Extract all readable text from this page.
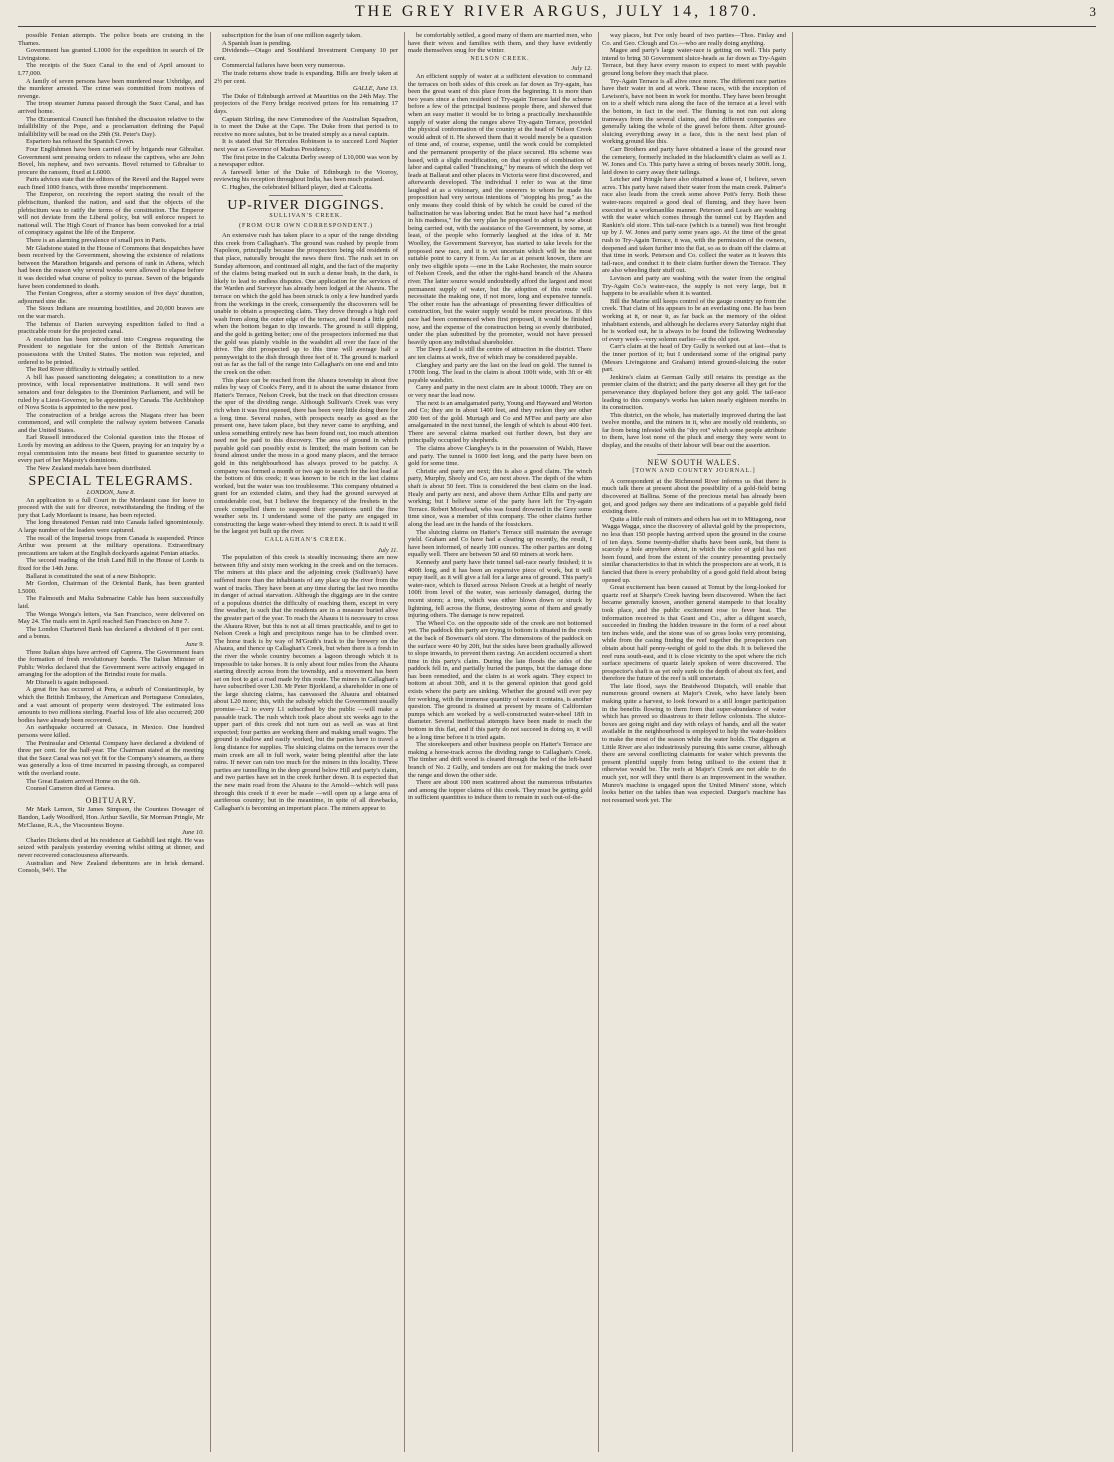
THE GREY RIVER ARGUS, JULY 14, 1870.	3

possible Fenian attempts. The police boats are cruising in the Thames.

Government has granted L1000 for the expedition in search of Dr Livingstone.

The receipts of the Suez Canal to the end of April amount to L77,000.

A family of seven persons have been murdered near Uxbridge, and the murderer arrested. The crime was committed from motives of revenge.

The troop steamer Jumna passed through the Suez Canal, and has arrived home.

The Œcumenical Council has finished the discussion relative to the infallibility of the Pope, and a proclamation defining the Papal infallibility will be read on the 29th (St. Peter's Day).

Espartero has refused the Spanish Crown.

Four Englishmen have been carried off by brigands near Gibraltar. Government sent pressing orders to release the captives, who are John Bovel, his nephew, and two servants. Bovel returned to Gibraltar to procure the ransom, fixed at L6000.

Paris advices state that the editors of the Reveil and the Rappel were each fined 1000 francs, with three months' imprisonment.

The Emperor, on receiving the report stating the result of the plebiscitum, thanked the nation, and said that the objects of the plebiscitum was to ratify the terms of the constitution. The Emperor will not deviate from the Liberal policy, but will enforce respect to national will. The High Court of France has been convoked for a trial of conspiracy against the life of the Emperor.

There is an alarming prevalence of small pox in Paris.

Mr Gladstone stated in the House of Commons that despatches have been received by the Government, showing the existence of relations between the Marathon brigands and persons of rank in Athens, which had been the reason why several weeks were allowed to elapse before it was decided what course of policy to pursue. Seven of the brigands have been condemned to death.

The Fenian Congress, after a stormy session of five days' duration, adjourned sine die.

The Sioux Indians are resuming hostilities, and 20,000 braves are on the war march.

The Isthmus of Darien surveying expedition failed to find a practicable route for the projected canal.

A resolution has been introduced into Congress requesting the President to negotiate for the union of the British American possessions with the United States. The motion was rejected, and ordered to be printed.

The Red River difficulty is virtually settled.

A bill has passed sanctioning delegates; a constitution to a new province, with local representative institutions. It will send two senators and four delegates to the Dominion Parliament, and will be ruled by a Lieut-Governor, to be appointed by Canada. The Archbishop of Nova Scotia is appointed to the new post.

The construction of a bridge across the Niagara river has been commenced, and will complete the railway system between Canada and the United States.

Earl Russell introduced the Colonial question into the House of Lords by moving an address to the Queen, praying for an inquiry by a royal commission into the means best fitted to guarantee security to every part of her Majesty's dominions.

The New Zealand medals have been distributed.

SPECIAL TELEGRAMS.
LONDON, June 8.

An application to a full Court in the Mordaunt case for leave to proceed with the suit for divorce, notwithstanding the finding of the jury that Lady Mordaunt is insane, has been rejected.

The long threatened Fenian raid into Canada failed ignominiously. A large number of the leaders were captured.

The recall of the Imperial troops from Canada is suspended. Prince Arthur was present at the military operations. Extraordinary precautions are taken at the English dockyards against Fenian attacks.

The second reading of the Irish Land Bill in the House of Lords is fixed for the 14th June.

Ballarat is constituted the seat of a new Bishopric.

Mr Gordon, Chairman of the Oriental Bank, has been granted L5000.

The Falmouth and Malta Submarine Cable has been successfully laid.

The Wonga Wonga's letters, via San Francisco, were delivered on May 24. The mails sent in April reached San Francisco on June 7.

The London Chartered Bank has declared a dividend of 8 per cent. and a bonus.

June 9.

Three Italian ships have arrived off Caprera. The Government fears the formation of fresh revolutionary bands. The Italian Minister of Public Works declared that the Government were actively engaged in arranging for the adoption of the Brindisi route for mails.

Mr Disraeli is again indisposed.

A great fire has occurred at Pera, a suburb of Constantinople, by which the British Embassy, the American and Portuguese Consulates, and a vast amount of property were destroyed. The estimated loss amounts to two millions sterling. Fearful loss of life also occurred; 200 bodies have already been recovered.

An earthquake occurred at Oaxaca, in Mexico. One hundred persons were killed.

The Peninsular and Oriental Company have declared a dividend of three per cent. for the half-year. The Chairman stated at the meeting that the Suez Canal was not yet fit for the Company's steamers, as there was generally a loss of time incurred in passing through, as compared with the overland route.

The Great Eastern arrived Home on the 6th.

Counsel Cameron died at Geneva.

OBITUARY.

Mr Mark Lemon, Sir James Simpson, the Countess Dowager of Bandon, Lady Woodford, Hon. Arthur Saville, Sir Morman Pringle, Mr McClause, R.A., the Viscountess Boyne.

June 10.

Charles Dickens died at his residence at Gadshill last night. He was seized with paralysis yesterday evening whilst sitting at dinner, and never recovered consciousness afterwards.

Australian and New Zealand debentures are in brisk demand. Consols, 94½. The

subscription for the loan of one million eagerly taken.

A Spanish loan is pending.

Dividends—Otago and Southland Investment Company 10 per cent.

Commercial failures have been very numerous.

The trade returns show trade is expanding. Bills are freely taken at 2½ per cent.

GALLE, June 13.

The Duke of Edinburgh arrived at Mauritius on the 24th May. The projectors of the Ferry bridge received prizes for his remaining 17 days.

Captain Stirling, the new Commodore of the Australian Squadron, is to meet the Duke at the Cape. The Duke from that period is to receive no more salutes, but to be treated simply as a naval captain.

It is stated that Sir Hercules Robinson is to succeed Lord Napier next year as Governor of Madras Presidency.

The first prize in the Calcutta Derby sweep of L10,000 was won by a newspaper editor.

A farewell letter of the Duke of Edinburgh to the Viceroy, reviewing his reception throughout India, has been much praised.

C. Hughes, the celebrated billiard player, died at Calcutta.

UP-RIVER DIGGINGS.
SULLIVAN'S CREEK.
(FROM OUR OWN CORRESPONDENT.)

An extensive rush has taken place to a spur of the range dividing this creek from Callaghan's. The ground was rushed by people from Napoleon, principally because the prospectors being old residents of that place, naturally brought the news there first. The rush set in on Sunday afternoon, and continued all night, and the fact of the majority of the claims being marked out in such a dense bush, in the dark, is likely to lead to endless disputes. One application for the services of the Warden and Surveyor has already been lodged at the Ahaura. The terrace on which the gold has been struck is only a few hundred yards from the workings in the creek, consequently the discoverers will be unable to obtain a prospecting claim. They drove through a high reef wash from along the outer edge of the terrace, and found a little gold when the bottom began to dip inwards. The ground is still dipping, and the gold is getting better; one of the prospectors informed me that the gold was plainly visible in the washdirt all over the face of the drive. The dirt prospected up to this time will average half a pennyweight to the dish through three feet of it. The ground is marked out as far as the fall of the range into Callaghan's on one end and into the creek on the other.

This place can be reached from the Ahaura township in about five miles by way of Cook's Ferry, and it is about the same distance from Hatter's Terrace, Nelson Creek, but the track on that direction crosses the spur of the dividing range. Although Sullivan's Creek was very rich when it was first opened, there has been very little doing there for a long time. Several rushes, with prospects nearly as good as the present one, have taken place, but they never came to anything, and unless something entirely new has been found out, too much attention need not be paid to this discovery. The area of ground in which payable gold can possibly exist is limited; the main bottom can be found almost under the moss in a good many places, and the terrace gold in this neighbourhood has always proved to be patchy. A company was formed a month or two ago to search for the lost lead at the bottom of this creek; it was known to be rich in the last claims worked, but the water was too troublesome. This company obtained a grant for an extended claim, and they had the ground surveyed at considerable cost, but I believe the frequency of the freshets in the creek compelled them to suspend their operations until the fine weather sets in. I understand some of the party are engaged in constructing the large water-wheel they intend to erect. It is said it will be the largest yet built up the river.

CALLAGHAN'S CREEK.
July 11.

The population of this creek is steadily increasing; there are now between fifty and sixty men working in the creek and on the terraces. The miners at this place and the adjoining creek (Sullivan's) have suffered more than the inhabitants of any place up the river from the want of tracks. They have been at any time during the last two months in danger of actual starvation. Although the diggings are in the centre of a populous district the difficulty of reaching them, except in very fine weather, is such that the residents are in a measure buried alive the greater part of the year. To reach the Ahaura it is necessary to cross the Ahaura River, but this is not at all times practicable, and to get to Nelson Creek a high and precipitous range has to be climbed over. The horse track is by way of M'Grath's track to the brewery on the Ahaura, and thence up Callaghan's Creek, but when there is a fresh in the river the whole country becomes a lagoon through which it is impossible to take horses. It is only about four miles from the Ahaura starting directly across from the township, and a movement has been set on foot to get a road made by this route. The miners in Callaghan's have subscribed over L30. Mr Peter Bjorkland, a shareholder in one of the large sluicing claims, has canvassed the Ahaura and obtained about L20 more; this, with the subsidy which the Government usually promise—L2 to every L1 subscribed by the public —will make a passable track. The rush which took place about six weeks ago to the upper part of this creek did not turn out as well as was at first expected; four parties are working there and making small wages. The ground is shallow and easily worked, but the parties have to travel a long distance for supplies. The sluicing claims on the terraces over the main creek are all in full work, water being plentiful after the late rains. If never can rain too much for the miners in this locality. Three parties are tunnelling in the deep ground below Hill and party's claim, and two parties have set in the creek further down. It is expected that the new main road from the Ahaura to the Arnold—which will pass through this creek if it ever be made —will open up a large area of auriferous country; but in the meantime, in spite of all drawbacks, Callaghan's is becoming an important place. The miners appear to

be comfortably settled, a good many of them are married men, who have their wives and families with them, and they have evidently made themselves snug for the winter.

NELSON CREEK.
July 12.

An efficient supply of water at a sufficient elevation to command the terraces on both sides of this creek as far down as Try-again, has been the great want of this place from the beginning. It is more than two years since a then resident of Try-again Terrace laid the scheme before a few of the principal business people there, and showed that when an easy matter it would be to bring a practically inexhaustible supply of water along the ranges above Try-again Terrace, provided the physical conformation of the country at the head of Nelson Creek would admit of it. He showed them that it would merely be a question of time and, of course, expense, until the work could be completed and the permanent prosperity of the place secured. His scheme was based, with a slight modification, on that system of combination of labor and capital called "franchising," by means of which the deep vet leads at Ballarat and other places in Victoria were first discovered, and afterwards developed. The individual I refer to was at the time laughed at as a visionary, and the sneerers to whom he made his proposition had very serious intentions of "stopping his prog," as the only means they could think of by which he could be cured of the hallucination he was laboring under. But he must have had "a method in his madness," for the very plan he proposed to adopt is now about being carried out, with the assistance of the Government, by some, at least, of the people who formerly laughed at the idea of it. Mr Woolley, the Government Surveyor, has started to take levels for the proposed new race, and it is yet uncertain which will be the most suitable point to carry it from. As far as at present known, there are only two eligible spots —one in the Lake Rochester, the main source of Nelson Creek, and the other the right-hand branch of the Ahaura river. The latter source would undoubtedly afford the largest and most permanent supply of water, but the adoption of this route will necessitate the making one, if not more, long and expensive tunnels. The other route has the advantage of presenting fewer difficulties of construction, but the water supply would be more precarious. If this race had been commenced when first proposed, it would be finished now, and the expense of the construction being so evenly distributed, under the plan submitted by the promoter, would not have pressed heavily upon any individual shareholder.

The Deep Lead is still the centre of attraction in the district. There are ten claims at work, five of which may be considered payable.

Clanghey and party are the last on the lead on gold. The tunnel is 1700ft long. The lead in the claim is about 100ft wide, with 3ft or 4ft payable washdirt.

Carey and party in the next claim are in about 1000ft. They are on or very near the lead now.

The next is an amalgamated party, Young and Hayward and Worton and Co; they are in about 1400 feet, and they reckon they are other 200 feet of the gold. Murtagh and Co and M'Fee and party are also amalgamated in the next tunnel, the length of which is about 400 feet. There are several claims marked out further down, but they are principally occupied by shepherds.

The claims above Clanghey's is in the possession of Walsh, Hawe and party. The tunnel is 1600 feet long, and the party have been on gold for some time.

Christie and party are next; this is also a good claim. The winch party, Murphy, Sheely and Co, are next above. The depth of the whim shaft is about 50 feet. This is considered the best claim on the lead. Healy and party are next, and above them Arthur Ellis and party are working; but I believe some of the party have left for Try-again Terrace. Robert Moorhead, who was found drowned in the Grey some time since, was a member of this company. The other claims further along the lead are in the hands of the fossickers.

The sluicing claims on Hatter's Terrace still maintain the average yield. Graham and Co have had a clearing up recently, the result, I have been informed, of nearly 100 ounces. The other parties are doing equally well. There are between 50 and 60 miners at work here.

Kennedy and party have their tunnel tail-race nearly finished; it is 400ft long, and it has been an expensive piece of work, but it will repay itself, as it will give a fall for a large area of ground. This party's water-race, which is fluxed across Nelson Creek at a height of nearly 100ft from level of the water, was seriously damaged, during the recent storm; a tree, which was either blown down or struck by lightning, fell across the flume, destroying some of them and greatly injuring others. The damage is now repaired.

The Wheel Co. on the opposite side of the creek are not bottomed yet. The paddock this party are trying to bottom is situated in the creek at the back of Bowman's old store. The dimensions of the paddock on the surface were 40 by 20ft, but the sides have been gradually allowed to slope inwards, to prevent them caving. An accident occurred a short time in this party's claim. During the late floods the sides of the paddock fell in, and partially buried the pumps, but the damage done has been remedied, and the claim is at work again. They expect to bottom at about 30ft, and it is the general opinion that good gold exists where the party are sinking. Whether the ground will ever pay for working, with the immense quantity of water it contains, is another question. The ground is drained at present by means of Californian pumps which are worked by a well-constructed water-wheel 18ft in diameter. Several ineffectual attempts have been made to reach the bottom in this flat, and if this party do not succeed in doing so, it will be a long time before it is tried again.

The storekeepers and other business people on Hatter's Terrace are making a horse-track across the dividing range to Callaghan's Creek. The timber and drift wood is cleared through the bed of the left-hand branch of No. 2 Gully, and tenders are out for making the track over the range and down the other side.

There are about 100 men scattered about the numerous tributaries and among the topper claims of this creek. They must be getting gold in sufficient quantities to induce them to remain in such out-of-the-

way places, but I've only heard of two parties—Thos. Finlay and Co. and Geo. Clough and Co.—who are really doing anything.

Magee and party's large water-race is getting on well. This party intend to bring 30 Government sluice-heads as far down as Try-Again Terrace, but they have every reason to expect to meet with payable ground long before they reach that place.

Try-Again Terrace is all alive once more. The different race parties have their water in and at work. These races, with the exception of Lewison's, have not been in work for months. They have been brought on to a shelf which runs along the face of the terrace at a level with the bottom, in fact in the reef. The fluming is not run out along tramways from the several claims, and the different companies are generally taking the whole of the gravel before them. After ground-sluicing everything away in a face, this is the next best plan of working ground like this.

Carr Brothers and party have obtained a lease of the ground near the cemetery, formerly included in the blacksmith's claim as well as J. W. Jones and Co. This party have a string of boxes nearly 300ft. long, laid down to carry away their tailings.

Letcher and Pringle have also obtained a lease of, I believe, seven acres. This party have raised their water from the main creek. Palmer's race also leads from the creek some above Pott's ferry. Both these water-races required a good deal of fluming, and they have been executed in a workmanlike manner. Peterson and Leach are washing with the water which comes through the tunnel cut by Hayden and Rankin's old store. This tail-race (which is a tunnel) was first brought up by J. W. Jones and party some years ago. At the time of the great rush to Try-Again Terrace, it was, with the permission of the owners, deepened and taken further into the flat, so as to drain off the claims at that time in work. Peterson and Co. collect the water as it leaves this tail-race, and conduct it to their claim further down the Terrace. They are also wheeling their stuff out.

Levison and party are washing with the water from the original Try-Again Co.'s water-race, the supply is not very large, but it happens to be available when it is wanted.

Bill the Marine still keeps control of the gauge country up from the creek. That claim of his appears to be an everlasting one. He has been working at it, or near it, as far back as the memory of the oldest inhabitant extends, and although he declares every Saturday night that he is worked out, he is always to be found the following Wednesday of every week—very solemn earlier—at the old spot.

Carr's claim at the head of Dry Gully is worked out at last—that is the inner portion of it; but I understand some of the original party (Messrs Livingstone and Graham) intend ground-sluicing the outer part.

Jenkins's claim at German Gully still retains its prestige as the premier claim of the district; and the party deserve all they get for the perseverance they displayed before they got any gold. The tail-race leading to this company's works has taken nearly eighteen months in its construction.

This district, on the whole, has materially improved during the last twelve months, and the miners in it, who are mostly old residents, so far from being infested with the "dry rot" which some people attribute to them, have lost none of the pluck and energy they were wont to display, and the results of their labour will bear out the assertion.

NEW SOUTH WALES.
[TOWN AND COUNTRY JOURNAL.]

A correspondent at the Richmond River informs us that there is much talk there at present about the possibility of a gold-field being discovered at Ballina. Some of the precious metal has already been got, and good judges say there are indications of a payable gold field existing there.

Quite a little rush of miners and others has set in to Mittagong, near Wagga Wagga, since the discovery of alluvial gold by the prospectors, no less than 150 people having arrived upon the ground in the course of ten days. Some twenty-duffer shafts have been sunk, but there is scarcely a hole anywhere about, in which the color of gold has not been found, and from the extent of the country presenting precisely similar characteristics to that in which the prospectors are at work, it is fancied that there is every probability of a good gold field about being opened up.

Great excitement has been caused at Tomut by the long-looked for quartz reef at Sharpe's Creek having been discovered. When the fact became generally known, another general stampede to that locality took place, and the public excitement rose to fever heat. The information received is that Grant and Co., after a diligent search, succeeded in finding the hidden treasure in the form of a reef about ten inches wide, and the stone was of so gross looks very promising, while from the casing finding the reef together the prospectors can obtain about half penny-weight of gold to the dish. It is believed the reef runs south-east, and it is close vicinity to the spot where the rich surface specimens of quartz lately spoken of were discovered. The prospector's shaft is as yet only sunk to the depth of about six feet, and therefore the future of the reef is still uncertain.

The late flood, says the Braidwood Dispatch, will enable that numerous ground owners at Major's Creek, who have lately been making quite a harvest, to look forward to a still longer participation in the benefits flowing to them from that super-abundance of water which has proved so disastrous to their fellow colonists. The sluice-boxes are going night and day with relays of hands, and all the water available in the neighbourhood is employed to help the water-holders to make the most of the season while the water holds. The diggers at Little River are also industriously pursuing this same course, although there are several conflicting claimants for water which prevents the present plentiful supply from being utilised to the extent that it otherwise would be. The reefs at Major's Creek are not able to do much yet, nor will they until there is an improvement in the weather. Munro's machine is engaged upon the United Miners' stone, which looks better on the tables than was expected. Dargue's machine has not resumed work yet. The
